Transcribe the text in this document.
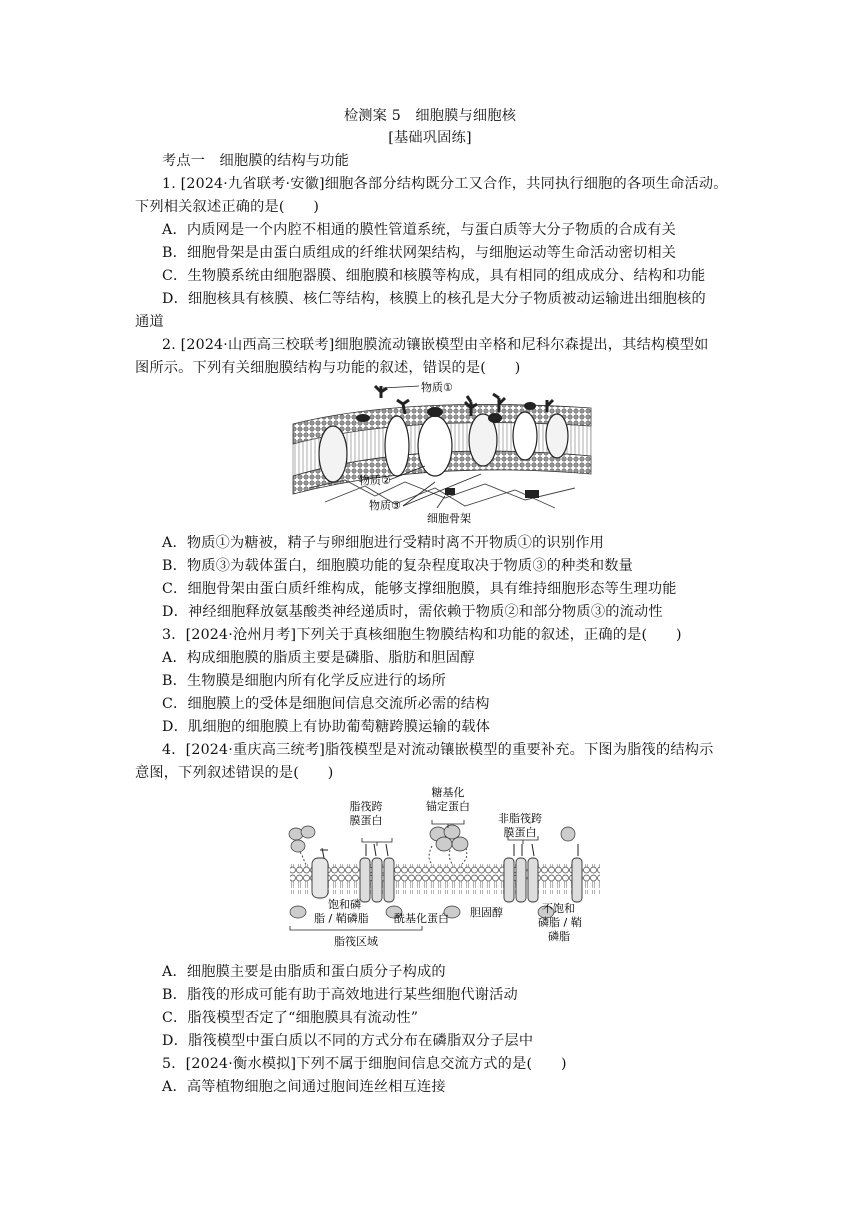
检测案 5　细胞膜与细胞核
[基础巩固练]
考点一　细胞膜的结构与功能
1. [2024·九省联考·安徽]细胞各部分结构既分工又合作，共同执行细胞的各项生命活动。
下列相关叙述正确的是(　　)
A．内质网是一个内腔不相通的膜性管道系统，与蛋白质等大分子物质的合成有关
B．细胞骨架是由蛋白质组成的纤维状网架结构，与细胞运动等生命活动密切相关
C．生物膜系统由细胞器膜、细胞膜和核膜等构成，具有相同的组成成分、结构和功能
D．细胞核具有核膜、核仁等结构，核膜上的核孔是大分子物质被动运输进出细胞核的
通道
2. [2024·山西高三校联考]细胞膜流动镶嵌模型由辛格和尼科尔森提出，其结构模型如
图所示。下列有关细胞膜结构与功能的叙述，错误的是(　　)
物质①
物质②
物质③
细胞骨架
A．物质①为糖被，精子与卵细胞进行受精时离不开物质①的识别作用
B．物质③为载体蛋白，细胞膜功能的复杂程度取决于物质③的种类和数量
C．细胞骨架由蛋白质纤维构成，能够支撑细胞膜，具有维持细胞形态等生理功能
D．神经细胞释放氨基酸类神经递质时，需依赖于物质②和部分物质③的流动性
3．[2024·沧州月考]下列关于真核细胞生物膜结构和功能的叙述，正确的是(　　)
A．构成细胞膜的脂质主要是磷脂、脂肪和胆固醇
B．生物膜是细胞内所有化学反应进行的场所
C．细胞膜上的受体是细胞间信息交流所必需的结构
D．肌细胞的细胞膜上有协助葡萄糖跨膜运输的载体
4．[2024·重庆高三统考]脂筏模型是对流动镶嵌模型的重要补充。下图为脂筏的结构示
意图，下列叙述错误的是(　　)
脂筏跨
膜蛋白
糖基化
锚定蛋白
非脂筏跨
膜蛋白
饱和磷
脂 / 鞘磷脂 酰基化蛋白 胆固醇	不饱和
磷脂 / 鞘
磷脂
脂筏区域
A．细胞膜主要是由脂质和蛋白质分子构成的
B．脂筏的形成可能有助于高效地进行某些细胞代谢活动
C．脂筏模型否定了“细胞膜具有流动性”
D．脂筏模型中蛋白质以不同的方式分布在磷脂双分子层中
5．[2024·衡水模拟]下列不属于细胞间信息交流方式的是(　　)
A．高等植物细胞之间通过胞间连丝相互连接
